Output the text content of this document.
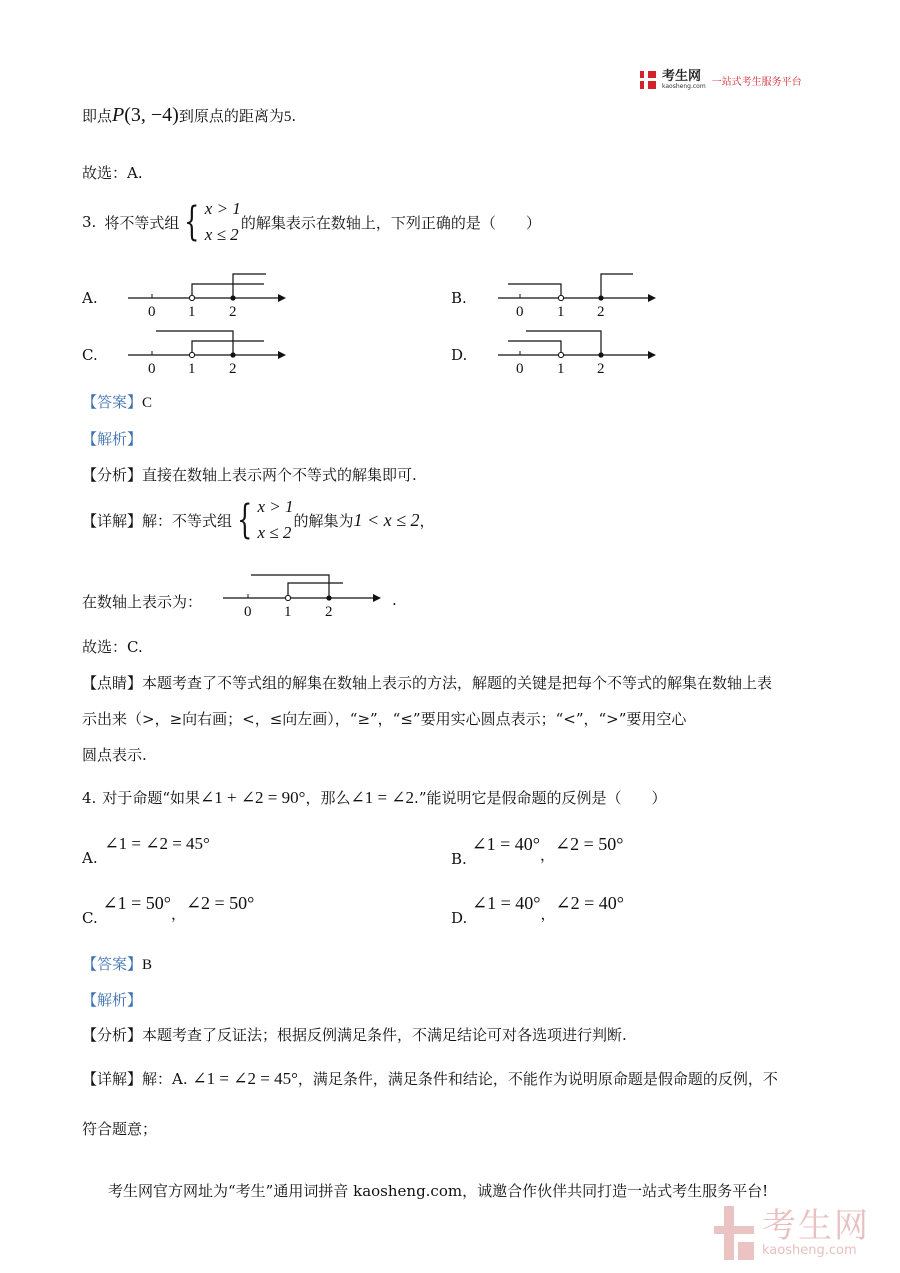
考生网
kaosheng.com 一站式考生服务平台
即点P(3, −4)到原点的距离为5.
故选：A.
3. 将不等式组 { x > 1
x ≤ 2
的解集表示在数轴上，下列正确的是（　　）
A.	B.
C.	D.
0 1 2	0 1 2
0 1 2	0 1 2
【答案】C
【解析】
【分析】直接在数轴上表示两个不等式的解集即可.
【详解】 解：不等式组 { x > 1
x ≤ 2
的解集为 1 < x ≤ 2 ，
在数轴上表示为：
0 1 2
.
故选：C.
【点睛】本题考查了不等式组的解集在数轴上表示的方法，解题的关键是把每个不等式的解集在数轴上表
示出来（>，≥向右画；<，≤向左画），“≥”，“≤”要用实心圆点表示；“<”，“>”要用空心
圆点表示.
4. 对于命题“如果∠1 + ∠2 = 90°，那么∠1 = ∠2.”能说明它是假命题的反例是（　　）
A. ∠1 = ∠2 = 45°
B. ∠1 = 40°，∠2 = 50°
C. ∠1 = 50°，∠2 = 50°
D. ∠1 = 40°，∠2 = 40°
【答案】B
【解析】
【分析】本题考查了反证法；根据反例满足条件，不满足结论可对各选项进行判断.
【详解】解：A. ∠1 = ∠2 = 45°，满足条件，满足条件和结论，不能作为说明原命题是假命题的反例，不
符合题意；
考生网官方网址为“考生”通用词拼音 kaosheng.com，诚邀合作伙伴共同打造一站式考生服务平台!
考生网
kaosheng.com
